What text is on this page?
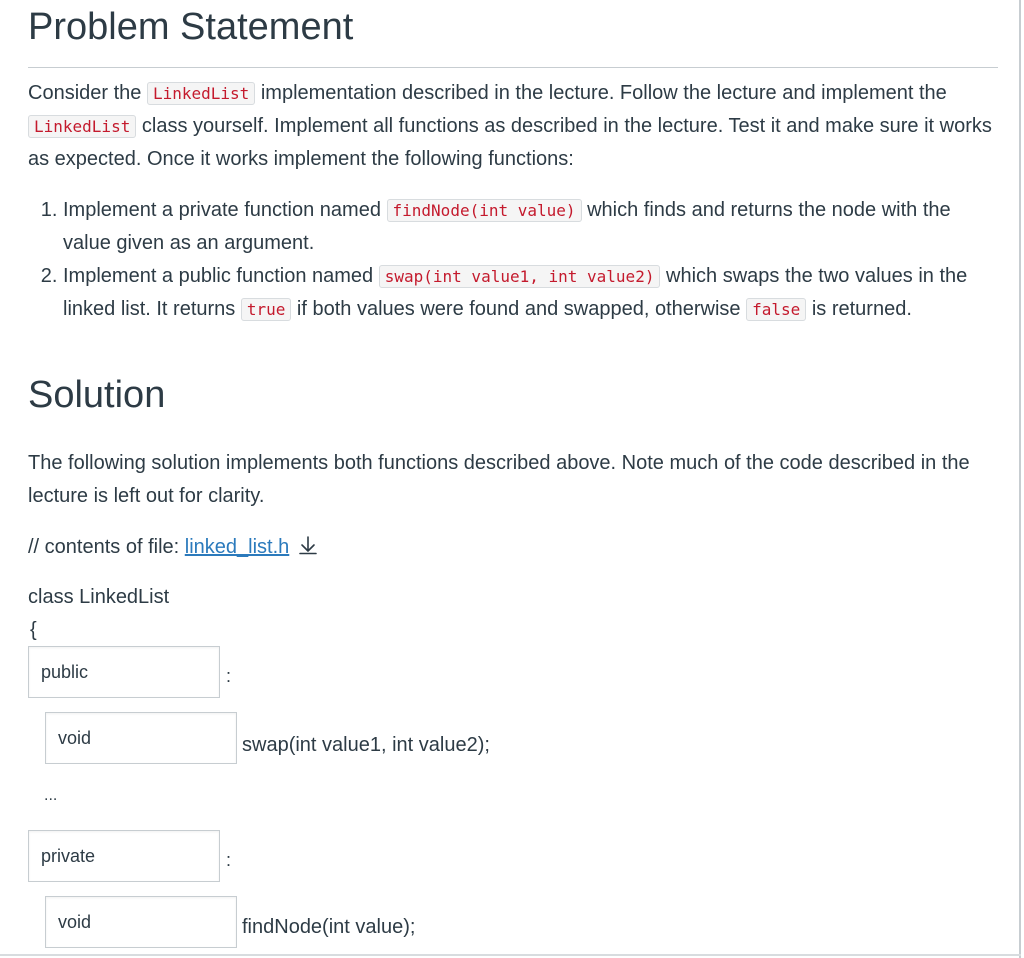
Problem Statement

Consider the LinkedList implementation described in the lecture. Follow the lecture and implement the LinkedList class yourself. Implement all functions as described in the lecture. Test it and make sure it works as expected. Once it works implement the following functions:

1. Implement a private function named findNode(int value) which finds and returns the node with the value given as an argument.
2. Implement a public function named swap(int value1, int value2) which swaps the two values in the linked list. It returns true if both values were found and swapped, otherwise false is returned.
Solution

The following solution implements both functions described above. Note much of the code described in the lecture is left out for clarity.

// contents of file: linked_list.h
class LinkedList
{
public	:
void	swap(int value1, int value2);
...
private	:
void	findNode(int value);
